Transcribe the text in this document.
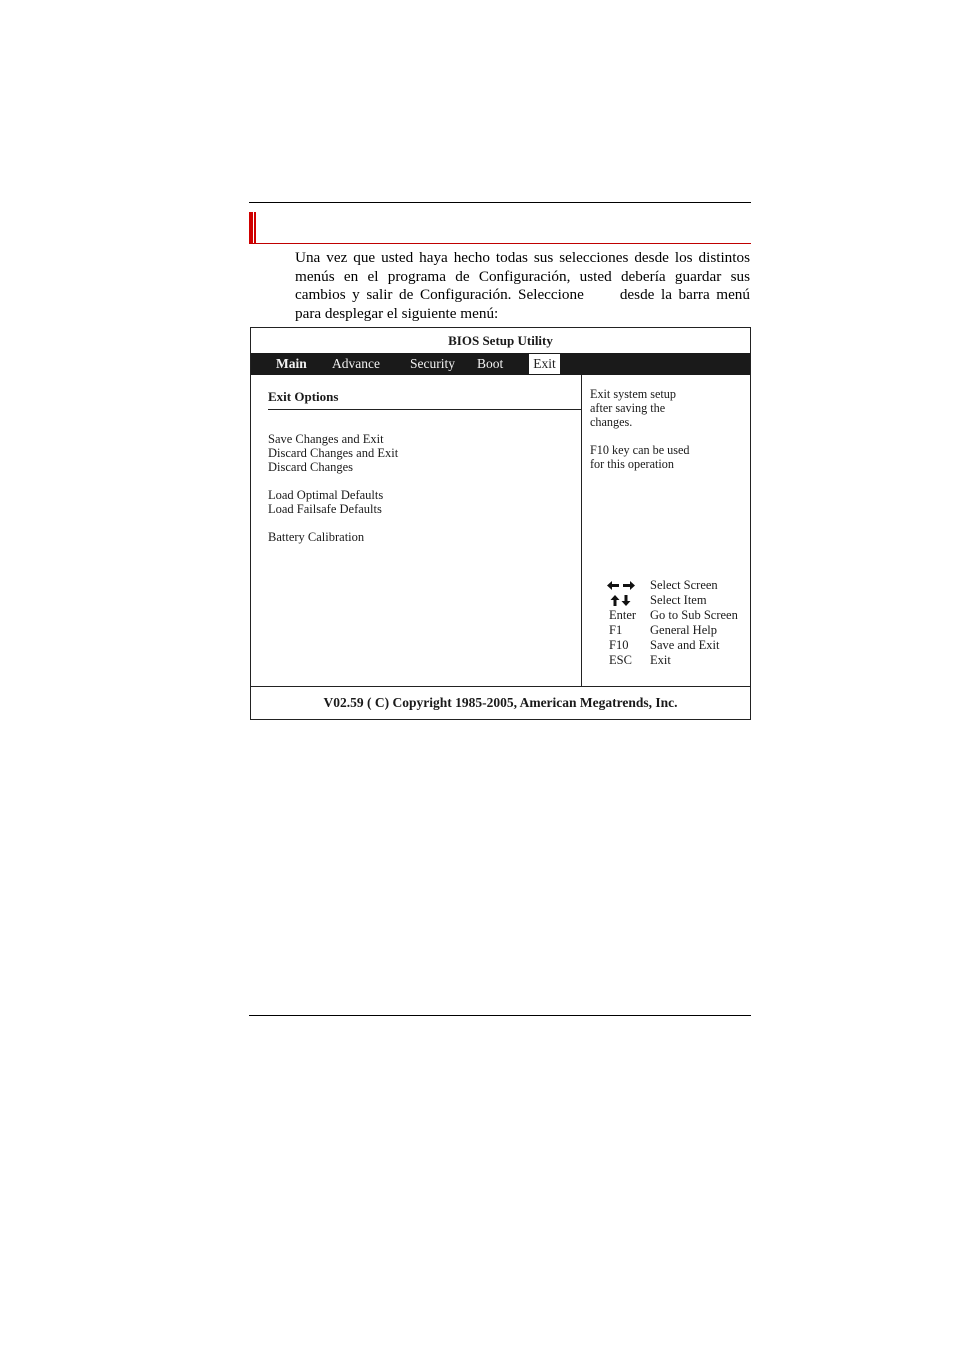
Una vez que usted haya hecho todas sus selecciones desde los distintos menús en el programa de Configuración, usted debería guardar sus cambios y salir de Configuración. Seleccione desde la barra menú para desplegar el siguiente menú:
BIOS Setup Utility
Main Advance Security Boot	Exit
Exit Options
Save Changes and Exit
Discard Changes and Exit
Discard Changes
Load Optimal Defaults
Load Failsafe Defaults
Battery Calibration
Exit system setup
after saving the
changes.
F10 key can be used
for this operation
Select Screen
Select Item
Enter	Go to Sub Screen
F1	General Help
F10	Save and Exit
ESC	Exit
V02.59 ( C) Copyright 1985-2005, American Megatrends, Inc.
